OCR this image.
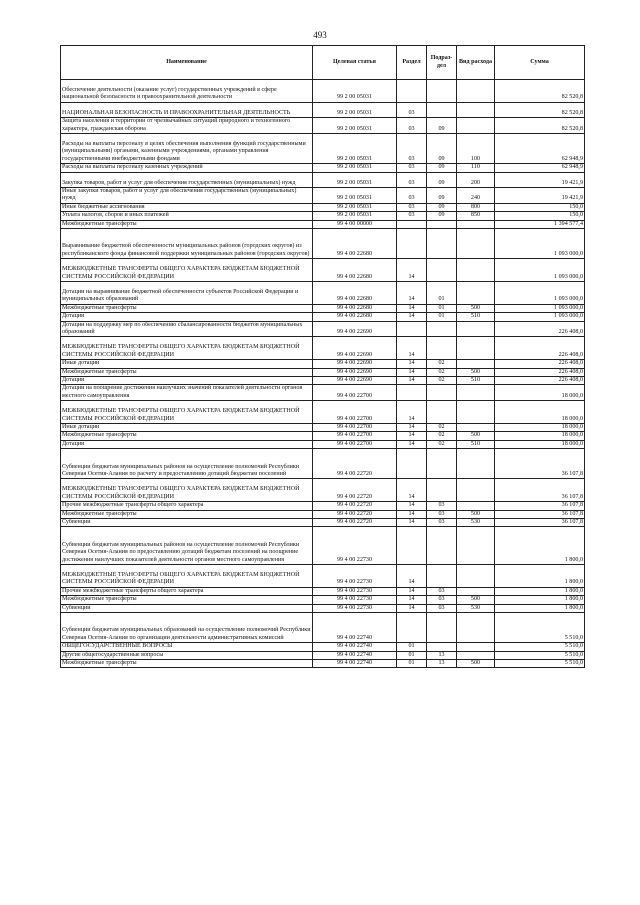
493
Наименование	Целевая статья	Раздел	Подраз-дел	Вид расхода	Сумма
Обеспечение деятельности (оказание услуг) государственных учреждений в сфере национальной безопасности и правоохранительной деятельности	99 2 00 05031				82 520,8
НАЦИОНАЛЬНАЯ БЕЗОПАСНОСТЬ И ПРАВООХРАНИТЕЛЬНАЯ ДЕЯТЕЛЬНОСТЬ	99 2 00 05031	03			82 520,8
Защита населения и территории от чрезвычайных ситуаций природного и техногенного характера, гражданская оборона	99 2 00 05031	03	09		82 520,8
Расходы на выплаты персоналу в целях обеспечения выполнения функций государственными (муниципальными) органами, казенными учреждениями, органами управления государственными внебюджетными фондами	99 2 00 05031	03	09	100	62 948,9
Расходы на выплаты персоналу казенных учреждений	99 2 00 05031	03	09	110	62 948,9
Закупка товаров, работ и услуг для обеспечения государственных (муниципальных) нужд	99 2 00 05031	03	09	200	19 421,9
Иные закупки товаров, работ и услуг для обеспечения государственных (муниципальных) нужд	99 2 00 05031	03	09	240	19 421,9
Иные бюджетные ассигнования	99 2 00 05031	03	09	800	150,0
Уплата налогов, сборов и иных платежей	99 2 00 05031	03	09	850	150,0
Межбюджетные трансферты	99 4 00 00000				1 394 577,4
Выравнивание бюджетной обеспеченности муниципальных районов (городских округов) из республиканского фонда финансовой поддержки муниципальных районов (городских округов)	99 4 00 22680				1 093 000,0
МЕЖБЮДЖЕТНЫЕ ТРАНСФЕРТЫ ОБЩЕГО ХАРАКТЕРА БЮДЖЕТАМ БЮДЖЕТНОЙ СИСТЕМЫ РОССИЙСКОЙ ФЕДЕРАЦИИ	99 4 00 22680	14			1 093 000,0
Дотации на выравнивание бюджетной обеспеченности субъектов Российской Федерации и муниципальных образований	99 4 00 22680	14	01		1 093 000,0
Межбюджетные трансферты	99 4 00 22680	14	01	500	1 093 000,0
Дотации	99 4 00 22680	14	01	510	1 093 000,0
Дотации на поддержку мер по обеспечению сбалансированности бюджетов муниципальных образований	99 4 00 22690				226 408,0
МЕЖБЮДЖЕТНЫЕ ТРАНСФЕРТЫ ОБЩЕГО ХАРАКТЕРА БЮДЖЕТАМ БЮДЖЕТНОЙ СИСТЕМЫ РОССИЙСКОЙ ФЕДЕРАЦИИ	99 4 00 22690	14			226 408,0
Иные дотации	99 4 00 22690	14	02		226 408,0
Межбюджетные трансферты	99 4 00 22690	14	02	500	226 408,0
Дотации	99 4 00 22690	14	02	510	226 408,0
Дотации на поощрение достижения наилучших значений показателей деятельности органов местного самоуправления	99 4 00 22700				18 000,0
МЕЖБЮДЖЕТНЫЕ ТРАНСФЕРТЫ ОБЩЕГО ХАРАКТЕРА БЮДЖЕТАМ БЮДЖЕТНОЙ СИСТЕМЫ РОССИЙСКОЙ ФЕДЕРАЦИИ	99 4 00 22700	14			18 000,0
Иные дотации	99 4 00 22700	14	02		18 000,0
Межбюджетные трансферты	99 4 00 22700	14	02	500	18 000,0
Дотации	99 4 00 22700	14	02	510	18 000,0
Субвенции бюджетам муниципальных районов на осуществление полномочий Республики Северная Осетия-Алания по расчету и предоставлению дотаций бюджетам поселений	99 4 00 22720				36 107,8
МЕЖБЮДЖЕТНЫЕ ТРАНСФЕРТЫ ОБЩЕГО ХАРАКТЕРА БЮДЖЕТАМ БЮДЖЕТНОЙ СИСТЕМЫ РОССИЙСКОЙ ФЕДЕРАЦИИ	99 4 00 22720	14			36 107,8
Прочие межбюджетные трансферты общего характера	99 4 00 22720	14	03		36 107,8
Межбюджетные трансферты	99 4 00 22720	14	03	500	36 107,8
Субвенции	99 4 00 22720	14	03	530	36 107,8
Субвенции бюджетам муниципальных районов на осуществление полномочий Республики Северная Осетия-Алания по предоставлению дотаций бюджетам поселений на поощрение достижения наилучших показателей деятельности органов местного самоуправления	99 4 00 22730				1 800,0
МЕЖБЮДЖЕТНЫЕ ТРАНСФЕРТЫ ОБЩЕГО ХАРАКТЕРА БЮДЖЕТАМ БЮДЖЕТНОЙ СИСТЕМЫ РОССИЙСКОЙ ФЕДЕРАЦИИ	99 4 00 22730	14			1 800,0
Прочие межбюджетные трансферты общего характера	99 4 00 22730	14	03		1 800,0
Межбюджетные трансферты	99 4 00 22730	14	03	500	1 800,0
Субвенции	99 4 00 22730	14	03	530	1 800,0
Субвенции бюджетам муниципальных образований на осуществление полномочий Республики Северная Осетия-Алания по организации деятельности административных комиссий	99 4 00 22740				5 510,0
ОБЩЕГОСУДАРСТВЕННЫЕ ВОПРОСЫ	99 4 00 22740	01			5 510,0
Другие общегосударственные вопросы	99 4 00 22740	01	13		5 510,0
Межбюджетные трансферты	99 4 00 22740	01	13	500	5 510,0
